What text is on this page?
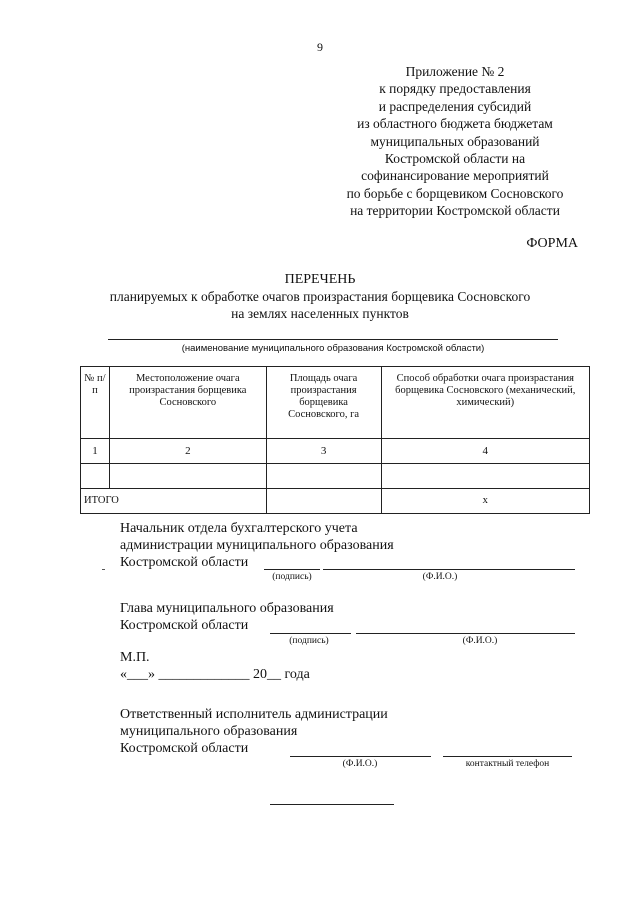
9
Приложение № 2
к порядку предоставления
и распределения субсидий
из областного бюджета бюджетам
муниципальных образований
Костромской области на
софинансирование мероприятий
по борьбе с борщевиком Сосновского
на территории Костромской области
ФОРМА
ПЕРЕЧЕНЬ
планируемых к обработке очагов произрастания борщевика Сосновского
на землях населенных пунктов
(наименование муниципального образования Костромской области)
№ п/п	Местоположение очага произрастания борщевика Сосновского	Площадь очага произрастания борщевика Сосновского, га	Способ обработки очага произрастания борщевика Сосновского (механический, химический)
1	2	3	4

ИТОГО			х
Начальник отдела бухгалтерского учета
администрации муниципального образования
Костромской области
(подпись)	(Ф.И.О.)
Глава муниципального образования
Костромской области
(подпись)	(Ф.И.О.)
М.П.
«___» _____________ 20__ года
Ответственный исполнитель администрации
муниципального образования
Костромской области
(Ф.И.О.)	контактный телефон
